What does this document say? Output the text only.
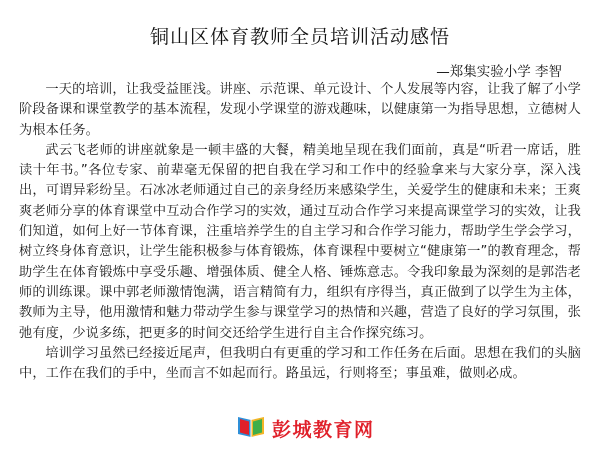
铜山区体育教师全员培训活动感悟
—郑集实验小学 李智

一天的培训，让我受益匪浅。讲座、示范课、单元设计、个人发展等内容，让我了解了小学阶段备课和课堂教学的基本流程，发现小学课堂的游戏趣味，以健康第一为指导思想，立德树人为根本任务。

武云飞老师的讲座就象是一顿丰盛的大餐，精美地呈现在我们面前，真是“听君一席话，胜读十年书。”各位专家、前辈毫无保留的把自我在学习和工作中的经验拿来与大家分享，深入浅出，可谓异彩纷呈。石冰冰老师通过自己的亲身经历来感染学生，关爱学生的健康和未来；王爽爽老师分享的体育课堂中互动合作学习的实效，通过互动合作学习来提高课堂学习的实效，让我们知道，如何上好一节体育课，注重培养学生的自主学习和合作学习能力，帮助学生学会学习，树立终身体育意识，让学生能积极参与体育锻炼，体育课程中要树立“健康第一”的教育理念，帮助学生在体育锻炼中享受乐趣、增强体质、健全人格、锤炼意志。令我印象最为深刻的是郭浩老师的训练课。课中郭老师激情饱满，语言精简有力，组织有序得当，真正做到了以学生为主体，教师为主导，他用激情和魅力带动学生参与课堂学习的热情和兴趣，营造了良好的学习氛围，张弛有度，少说多练，把更多的时间交还给学生进行自主合作探究练习。

培训学习虽然已经接近尾声，但我明白有更重的学习和工作任务在后面。思想在我们的头脑中，工作在我们的手中，坐而言不如起而行。路虽远，行则将至；事虽难，做则必成。

彭城教育网
